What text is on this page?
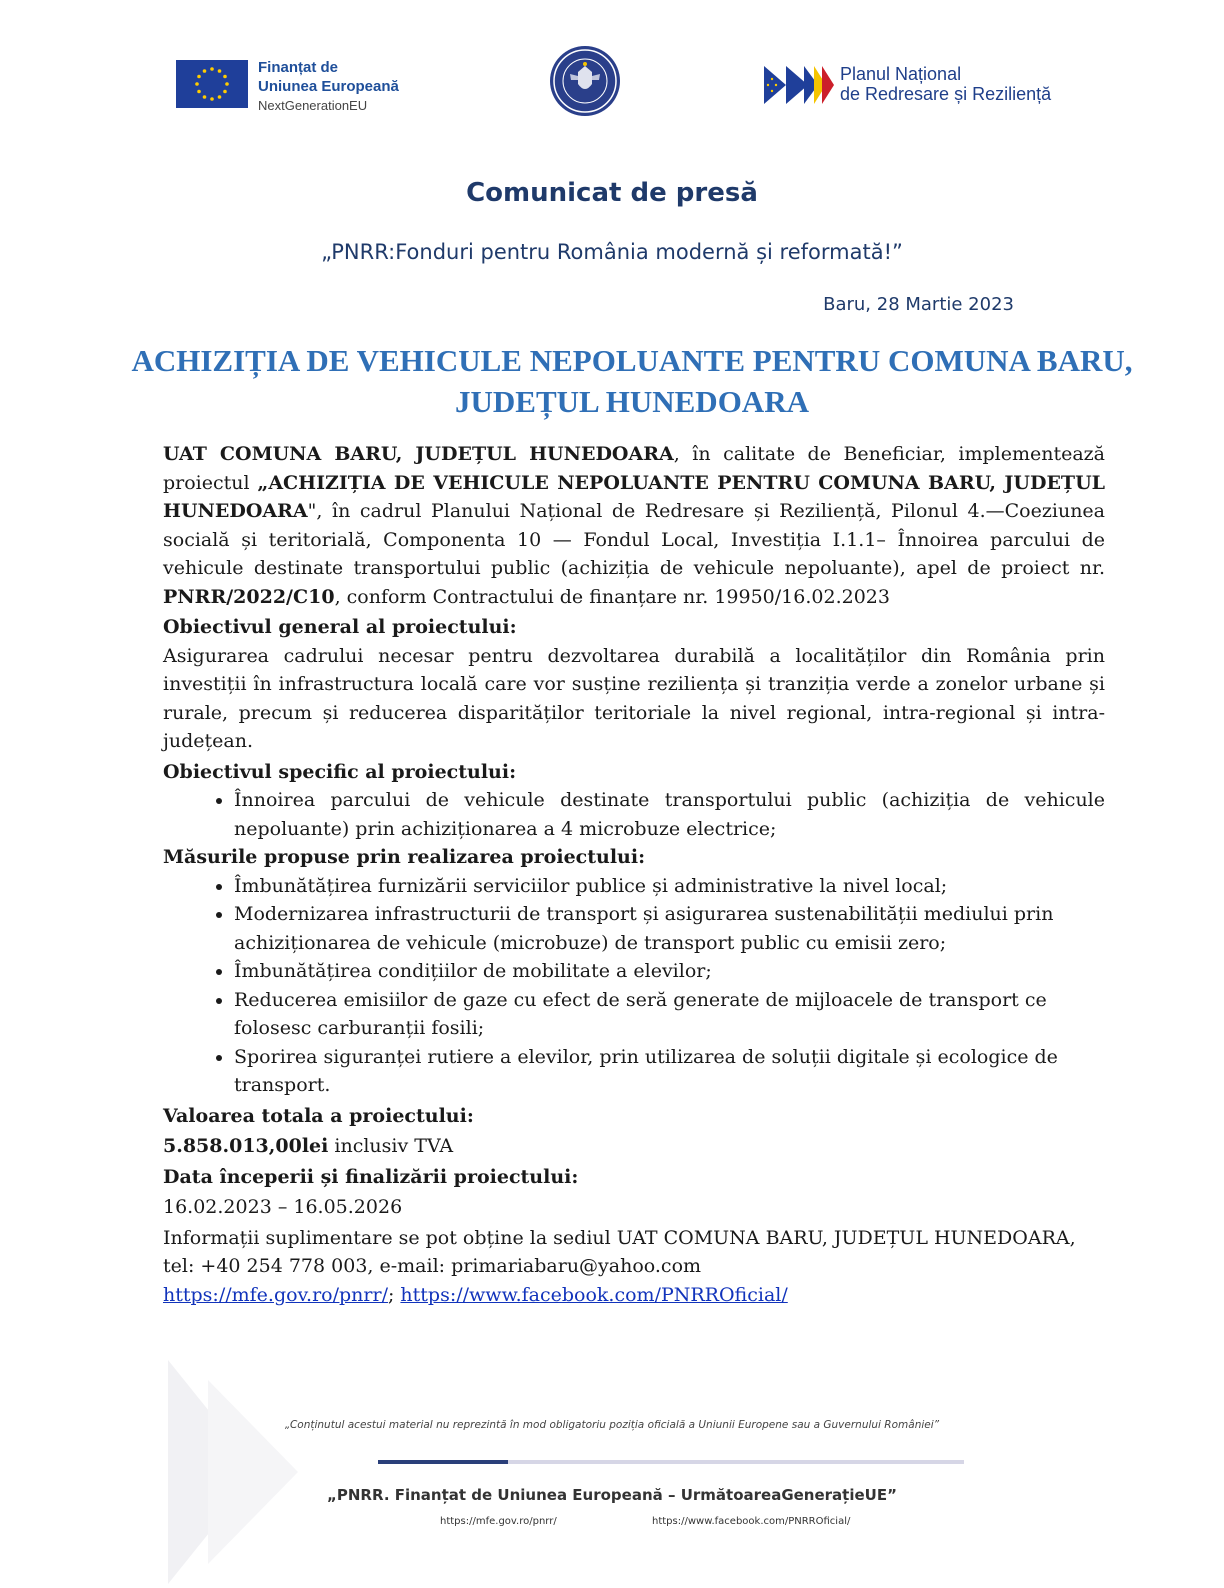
Finanțat de
Uniunea Europeană
NextGenerationEU
Planul Național
de Redresare și Reziliență
Comunicat de presă
„PNRR:Fonduri pentru România modernă și reformată!”
Baru, 28 Martie 2023
ACHIZIȚIA DE VEHICULE NEPOLUANTE PENTRU COMUNA BARU, JUDEȚUL HUNEDOARA

UAT COMUNA BARU, JUDEȚUL HUNEDOARA, în calitate de Beneficiar, implementează proiectul „ACHIZIȚIA DE VEHICULE NEPOLUANTE PENTRU COMUNA BARU, JUDEȚUL HUNEDOARA", în cadrul Planului Național de Redresare și Reziliență, Pilonul 4.—Coeziunea socială și teritorială, Componenta 10 — Fondul Local, Investiția I.1.1– Înnoirea parcului de vehicule destinate transportului public (achiziția de vehicule nepoluante), apel de proiect nr. PNRR/2022/C10, conform Contractului de finanțare nr. 19950/16.02.2023

Obiectivul general al proiectului:

Asigurarea cadrului necesar pentru dezvoltarea durabilă a localităților din România prin investiții în infrastructura locală care vor susține reziliența și tranziția verde a zonelor urbane și rurale, precum și reducerea disparităților teritoriale la nivel regional, intra-regional și intra-județean.

Obiectivul specific al proiectului:

• Înnoirea parcului de vehicule destinate transportului public (achiziția de vehicule nepoluante) prin achiziționarea a 4 microbuze electrice;

Măsurile propuse prin realizarea proiectului:

• Îmbunătățirea furnizării serviciilor publice și administrative la nivel local;
• Modernizarea infrastructurii de transport și asigurarea sustenabilității mediului prin achiziționarea de vehicule (microbuze) de transport public cu emisii zero;
• Îmbunătățirea condițiilor de mobilitate a elevilor;
• Reducerea emisiilor de gaze cu efect de seră generate de mijloacele de transport ce folosesc carburanții fosili;
• Sporirea siguranței rutiere a elevilor, prin utilizarea de soluții digitale și ecologice de transport.

Valoarea totala a proiectului:

5.858.013,00lei inclusiv TVA

Data începerii și finalizării proiectului:

16.02.2023 – 16.05.2026

Informații suplimentare se pot obține la sediul UAT COMUNA BARU, JUDEȚUL HUNEDOARA, tel: +40 254 778 003, e-mail: primariabaru@yahoo.com

https://mfe.gov.ro/pnrr/; https://www.facebook.com/PNRROficial/

„Conținutul acestui material nu reprezintă în mod obligatoriu poziția oficială a Uniunii Europene sau a Guvernului României”
„PNRR. Finanțat de Uniunea Europeană – UrmătoareaGenerațieUE”
https://mfe.gov.ro/pnrr/	https://www.facebook.com/PNRROficial/
